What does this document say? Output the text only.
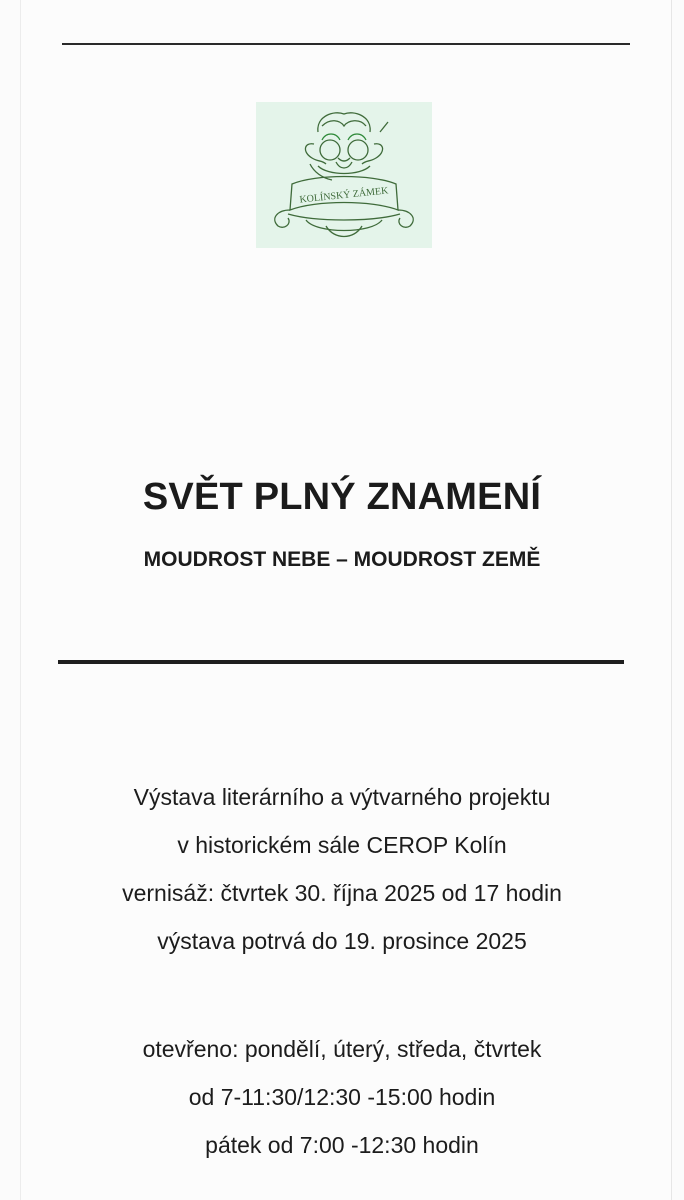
KOLÍNSKÝ ZÁMEK
SVĚT PLNÝ ZNAMENÍ
MOUDROST NEBE – MOUDROST ZEMĚ
Výstava literárního a výtvarného projektu
v historickém sále CEROP Kolín
vernisáž: čtvrtek 30. října 2025 od 17 hodin
výstava potrvá do 19. prosince 2025
otevřeno: pondělí, úterý, středa, čtvrtek
od 7-11:30/12:30 -15:00 hodin
pátek od 7:00 -12:30 hodin
